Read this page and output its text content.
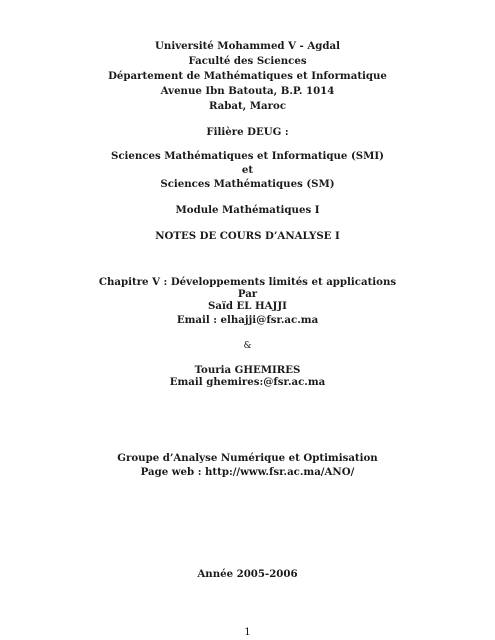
Université Mohammed V - Agdal
Faculté des Sciences
Département de Mathématiques et Informatique
Avenue Ibn Batouta, B.P. 1014
Rabat, Maroc
Filière DEUG :
Sciences Mathématiques et Informatique (SMI)
et
Sciences Mathématiques (SM)
Module Mathématiques I
NOTES DE COURS D’ANALYSE I
Chapitre V : Développements limités et applications
Par
Saïd EL HAJJI
Email : elhajji@fsr.ac.ma
&
Touria GHEMIRES
Email ghemires:@fsr.ac.ma
Groupe d’Analyse Numérique et Optimisation
Page web : http://www.fsr.ac.ma/ANO/
Année 2005-2006
1
